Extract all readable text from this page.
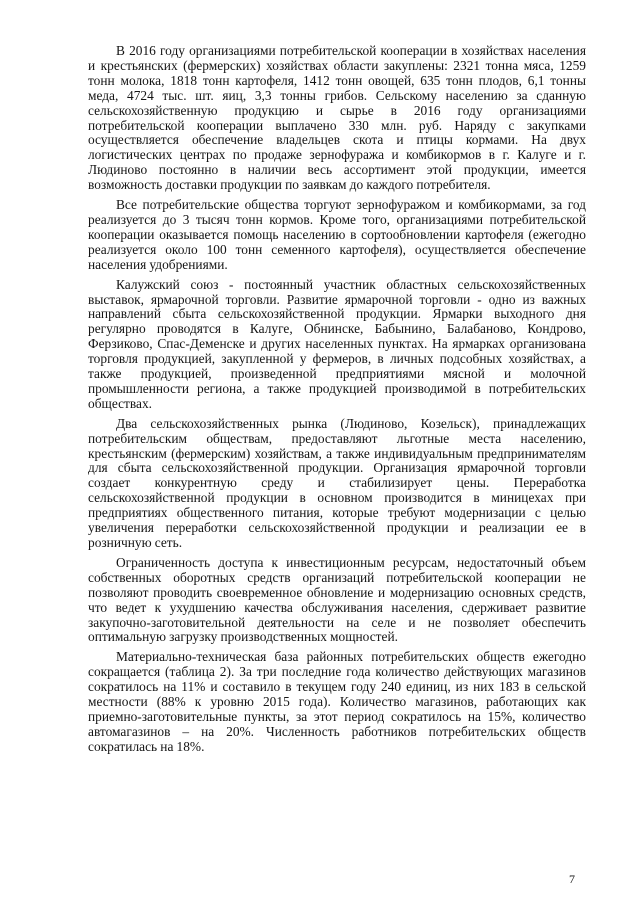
В 2016 году организациями потребительской кооперации в хозяйствах населения и крестьянских (фермерских) хозяйствах области закуплены: 2321 тонна мяса, 1259 тонн молока, 1818 тонн картофеля, 1412 тонн овощей, 635 тонн плодов, 6,1 тонны меда, 4724 тыс. шт. яиц, 3,3 тонны грибов. Сельскому населению за сданную сельскохозяйственную продукцию и сырье в 2016 году организациями потребительской кооперации выплачено 330 млн. руб. Наряду с закупками осуществляется обеспечение владельцев скота и птицы кормами. На двух логистических центрах по продаже зернофуража и комбикормов в г. Калуге и г. Людиново постоянно в наличии весь ассортимент этой продукции, имеется возможность доставки продукции по заявкам до каждого потребителя.

Все потребительские общества торгуют зернофуражом и комбикормами, за год реализуется до 3 тысяч тонн кормов. Кроме того, организациями потребительской кооперации оказывается помощь населению в сортообновлении картофеля (ежегодно реализуется около 100 тонн семенного картофеля), осуществляется обеспечение населения удобрениями.

Калужский союз - постоянный участник областных сельскохозяйственных выставок, ярмарочной торговли. Развитие ярмарочной торговли - одно из важных направлений сбыта сельскохозяйственной продукции. Ярмарки выходного дня регулярно проводятся в Калуге, Обнинске, Бабынино, Балабаново, Кондрово, Ферзиково, Спас-Деменске и других населенных пунктах. На ярмарках организована торговля продукцией, закупленной у фермеров, в личных подсобных хозяйствах, а также продукцией, произведенной предприятиями мясной и молочной промышленности региона, а также продукцией производимой в потребительских обществах.

Два сельскохозяйственных рынка (Людиново, Козельск), принадлежащих потребительским обществам, предоставляют льготные места населению, крестьянским (фермерским) хозяйствам, а также индивидуальным предпринимателям для сбыта сельскохозяйственной продукции. Организация ярмарочной торговли создает конкурентную среду и стабилизирует цены. Переработка сельскохозяйственной продукции в основном производится в миницехах при предприятиях общественного питания, которые требуют модернизации с целью увеличения переработки сельскохозяйственной продукции и реализации ее в розничную сеть.

Ограниченность доступа к инвестиционным ресурсам, недостаточный объем собственных оборотных средств организаций потребительской кооперации не позволяют проводить своевременное обновление и модернизацию основных средств, что ведет к ухудшению качества обслуживания населения, сдерживает развитие закупочно-заготовительной деятельности на селе и не позволяет обеспечить оптимальную загрузку производственных мощностей.

Материально-техническая база районных потребительских обществ ежегодно сокращается (таблица 2). За три последние года количество действующих магазинов сократилось на 11% и составило в текущем году 240 единиц, из них 183 в сельской местности (88% к уровню 2015 года). Количество магазинов, работающих как приемно-заготовительные пункты, за этот период сократилось на 15%, количество автомагазинов – на 20%. Численность работников потребительских обществ сократилась на 18%.

7
